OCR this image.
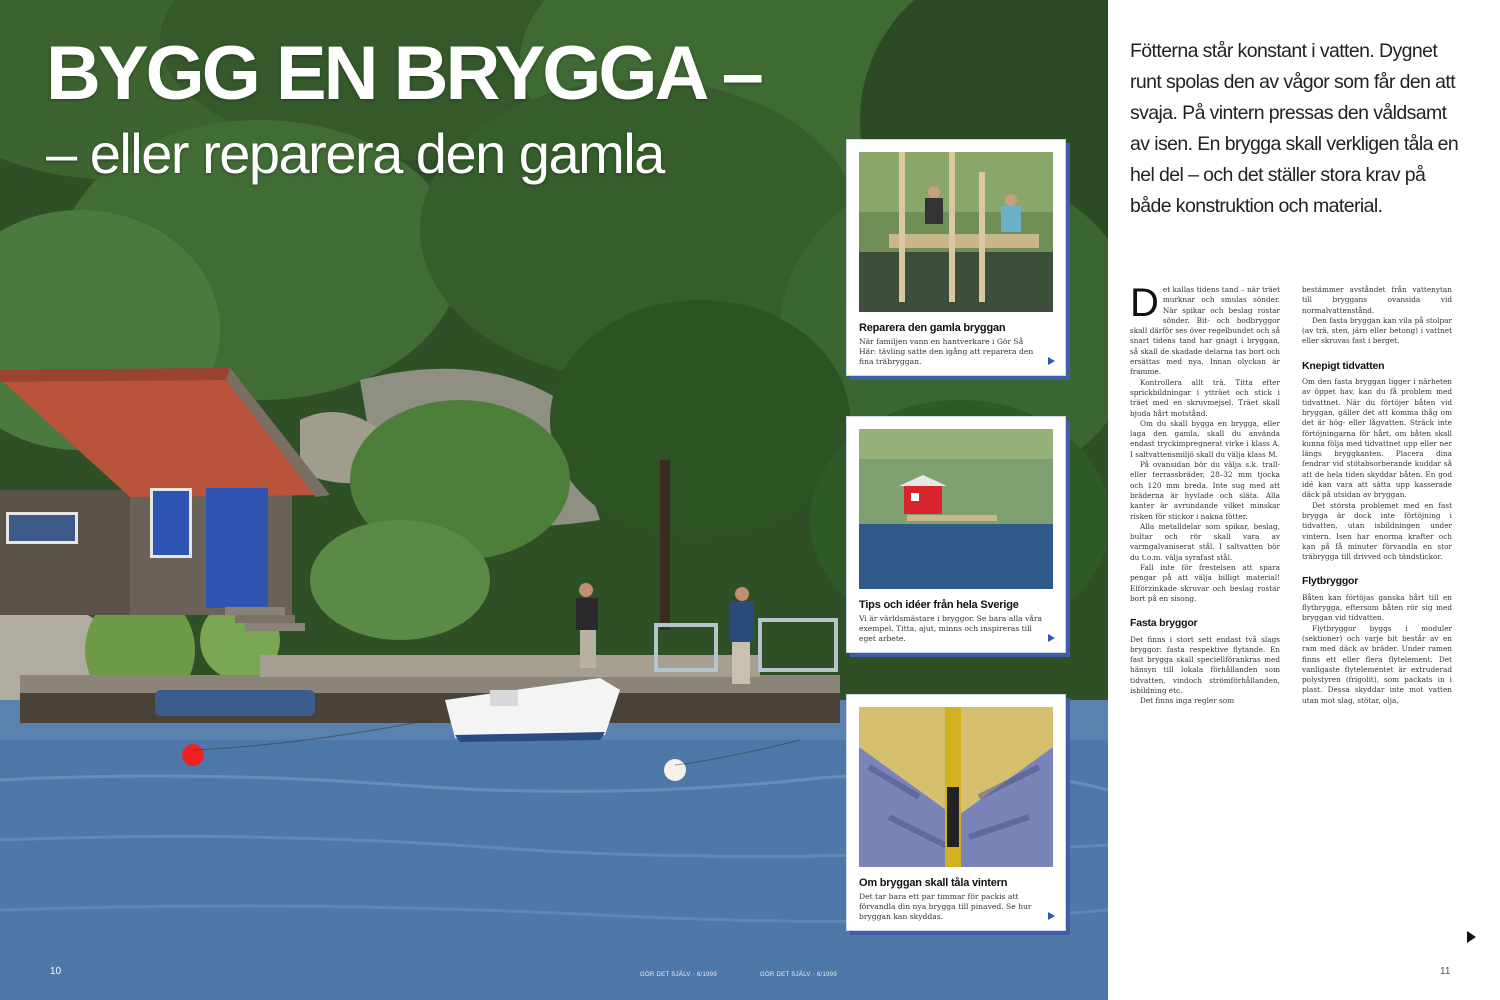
BYGG EN BRYGGA –
– eller reparera den gamla
10	GÖR DET SJÄLV · 6/1999	GÖR DET SJÄLV · 6/1999
Reparera den gamla bryggan
När familjen vann en hantverkare i Gör Så Här: tävling satte den igång att reparera den fina träbryggan.
Tips och idéer från hela Sverige
Vi är världsmästare i bryggor. Se bara alla våra exempel. Titta, ajut, minns och inspireras till eget arbete.
Om bryggan skall tåla vintern
Det tar bara ett par timmar för packis att förvandla din nya brygga till pinaved. Se hur bryggan kan skyddas.
Fötterna står konstant i vatten. Dygnet runt spolas den av vågor som får den att svaja. På vintern pressas den våldsamt av isen. En brygga skall verkligen tåla en hel del – och det ställer stora krav på både konstruktion och material.

Det kallas tidens tand – när träet murknar och smulas sönder. När spikar och beslag rostar sönder. Bit- och bodbryggor skall därför ses över regelbundet och så snart tidens tand har gnagt i bryggan, så skall de skadade delarna tas bort och ersättas med nya. Innan olyckan är framme.

Kontrollera allt trä. Titta efter sprickbildningar i ytträet och stick i träet med en skruvmejsel. Träet skall bjuda hårt motstånd.

Om du skall bygga en brygga, eller laga den gamla, skall du använda endast tryckimpregnerat virke i klass A. I saltvattensmiljö skall du välja klass M.

På ovansidan bör du välja s.k. trall- eller terrassbräder, 28–32 mm tjocka och 120 mm breda. Inte sug med att bräderna är hyvlade och släta. Alla kanter är avrundande vilket minskar risken för stickor i nakna fötter.

Alla metalldelar som spikar, beslag, bultar och rör skall vara av varmgalvaniserat stål. I saltvatten bör du t.o.m. välja syrafast stål.

Fall inte för frestelsen att spara pengar på att välja billigt material! Elförzinkade skruvar och beslag rostar bort på en sisong.

Fasta bryggor

Det finns i stort sett endast två slags bryggor: fasta respektive flytande. En fast brygga skall speciellförankras med hänsyn till lokala förhållanden som tidvatten, vindoch strömförhållanden, isbildning etc.

Det finns inga regler som

bestämmer avståndet från vattenytan till bryggans ovansida vid normalvattenstånd.

Den fasta bryggan kan vila på stolpar (av trä, sten, järn eller betong) i vattnet eller skruvas fast i berget.

Knepigt tidvatten

Om den fasta bryggan ligger i närheten av öppet hav, kan du få problem med tidvattnet. När du förtöjer båten vid bryggan, gäller det att komma ihåg om det är hög- eller lågvatten. Sträck inte förtöjningarna för hårt, om båten skall kunna följa med tidvattnet upp eller ner längs bryggkanten. Placera dina fendrar vid stötabsorberande kuddar så att de hela tiden skyddar båten. En god idé kan vara att sätta upp kasserade däck på utsidan av bryggan.

Det största problemet med en fast brygga är dock inte förtöjning i tidvatten, utan isbildningen under vintern. Isen har enorma krafter och kan på få minuter förvandla en stor träbrygga till drivved och tändstickor.

Flytbryggor

Båten kan förtöjas ganska hårt till en flytbrygga, eftersom båten rör sig med bryggan vid tidvatten.

Flytbryggor byggs i moduler (sektioner) och varje bit består av en ram med däck av bräder. Under ramen finns ett eller flera flytelement. Det vanligaste flytelementet är extruderad polystyren (frigolit), som packats in i plast. Dessa skyddar inte mot vatten utan mot slag, stötar, olja,

11
